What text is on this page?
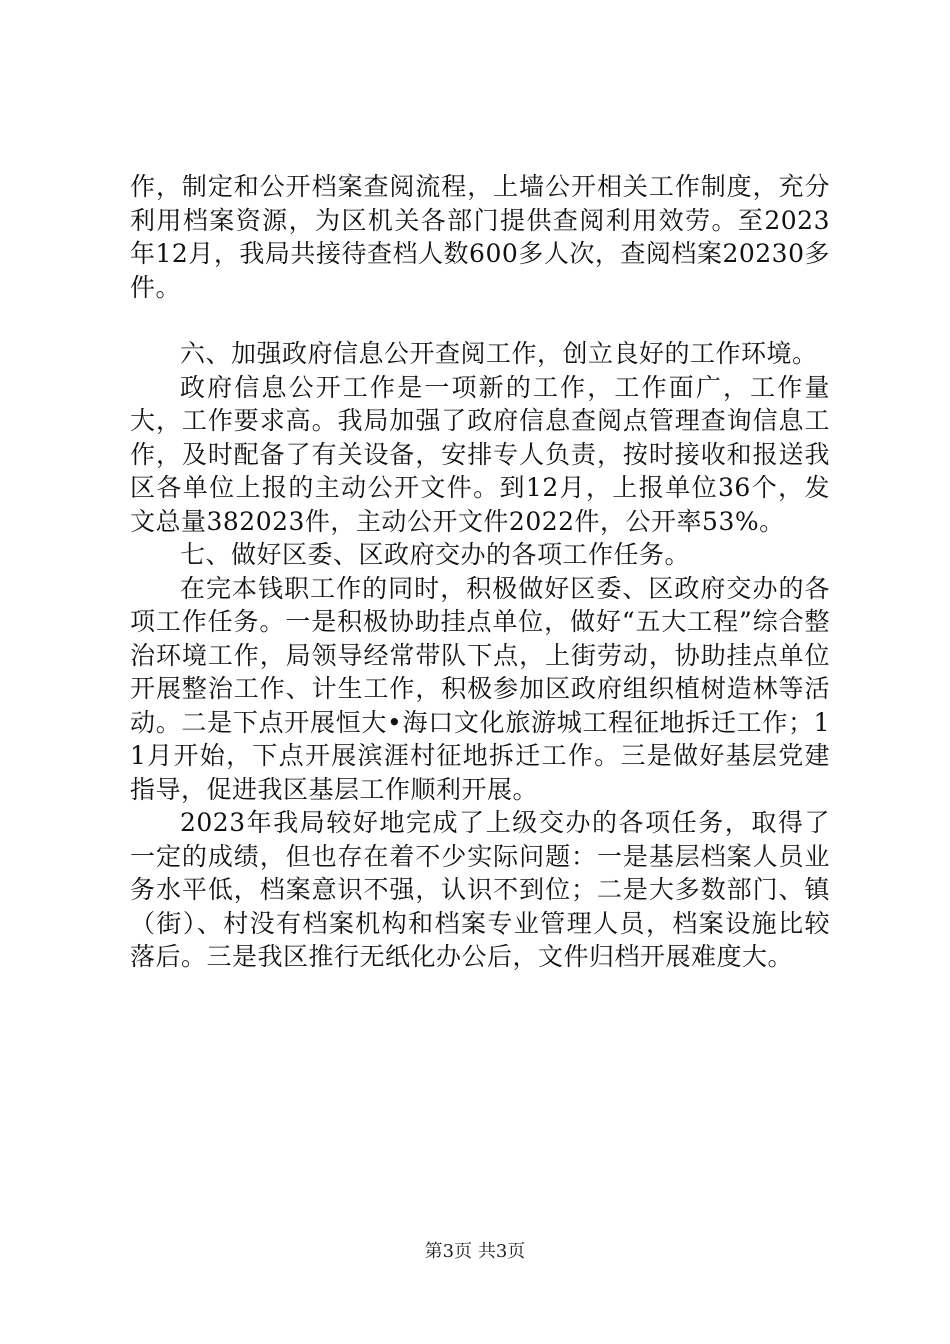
作，制定和公开档案查阅流程，上墙公开相关工作制度，充分利用档案资源，为区机关各部门提供查阅利用效劳。至2023年12月，我局共接待查档人数600多人次，查阅档案20230多件。

六、加强政府信息公开查阅工作，创立良好的工作环境。

政府信息公开工作是一项新的工作，工作面广，工作量大，工作要求高。我局加强了政府信息查阅点管理查询信息工作，及时配备了有关设备，安排专人负责，按时接收和报送我区各单位上报的主动公开文件。到12月，上报单位36个，发文总量382023件，主动公开文件2022件，公开率53%。

七、做好区委、区政府交办的各项工作任务。

在完本钱职工作的同时，积极做好区委、区政府交办的各项工作任务。一是积极协助挂点单位，做好“五大工程”综合整治环境工作，局领导经常带队下点，上街劳动，协助挂点单位开展整治工作、计生工作，积极参加区政府组织植树造林等活动。二是下点开展恒大•海口文化旅游城工程征地拆迁工作；11月开始，下点开展滨涯村征地拆迁工作。三是做好基层党建指导，促进我区基层工作顺利开展。

2023年我局较好地完成了上级交办的各项任务，取得了一定的成绩，但也存在着不少实际问题：一是基层档案人员业务水平低，档案意识不强，认识不到位；二是大多数部门、镇（街）、村没有档案机构和档案专业管理人员，档案设施比较落后。三是我区推行无纸化办公后，文件归档开展难度大。

第3页 共3页
